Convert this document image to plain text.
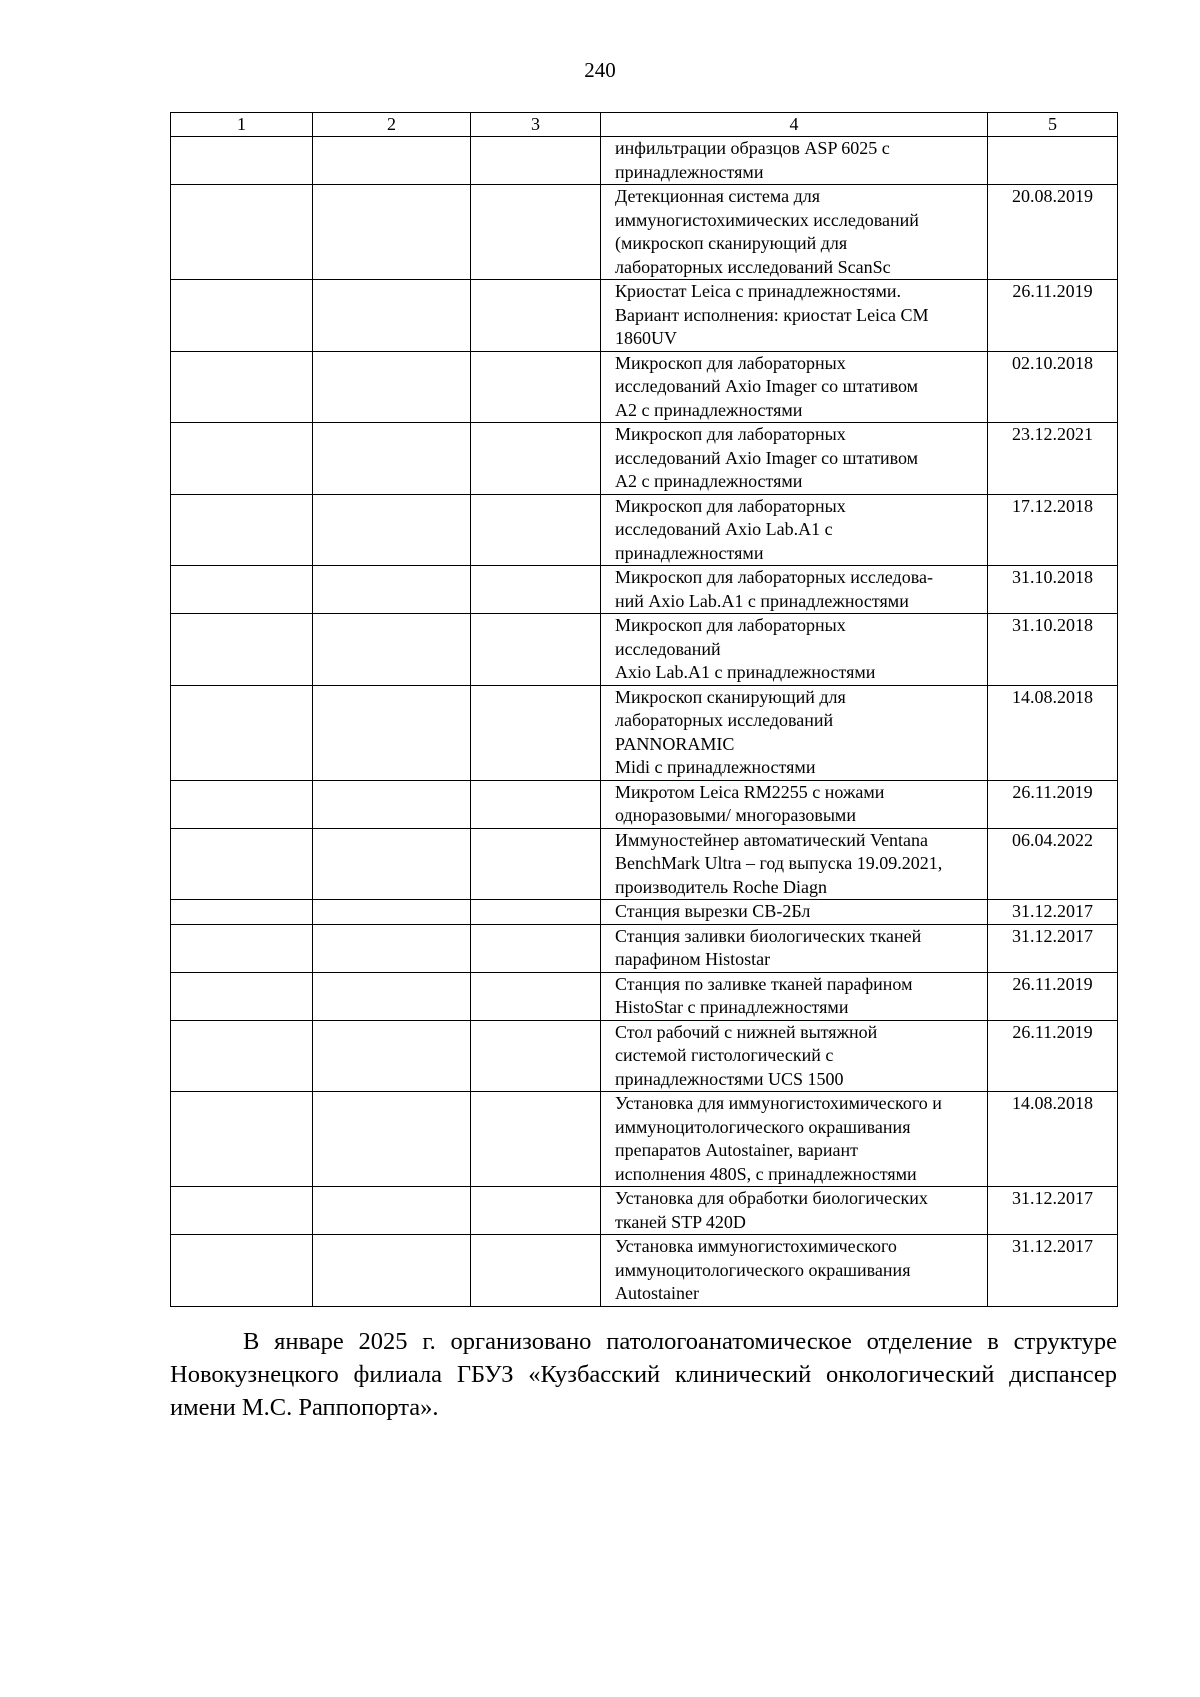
240
1	2	3	4	5
			инфильтрации образцов ASP 6025 с
принадлежностями	
			Детекционная система для
иммуногистохимических исследований
(микроскоп сканирующий для
лабораторных исследований ScanSc	20.08.2019
			Криостат Leica с принадлежностями.
Вариант исполнения: криостат Leica CM
1860UV	26.11.2019
			Микроскоп для лабораторных
исследований Axio Imager со штативом
A2 с принадлежностями	02.10.2018
			Микроскоп для лабораторных
исследований Axio Imager со штативом
A2 с принадлежностями	23.12.2021
			Микроскоп для лабораторных
исследований Axio Lab.A1 с
принадлежностями	17.12.2018
			Микроскоп для лабораторных исследова-
ний Axio Lab.A1 с принадлежностями	31.10.2018
			Микроскоп для лабораторных
исследований
Axio Lab.A1 с принадлежностями	31.10.2018
			Микроскоп сканирующий для
лабораторных исследований
PANNORAMIC
Midi с принадлежностями	14.08.2018
			Микротом Leica RM2255 с ножами
одноразовыми/ многоразовыми	26.11.2019
			Иммуностейнер автоматический Ventana
BenchMark Ultra – год выпуска 19.09.2021,
производитель Roche Diagn	06.04.2022
			Станция вырезки СВ-2Бл	31.12.2017
			Станция заливки биологических тканей
парафином Histostar	31.12.2017
			Станция по заливке тканей парафином
HistoStar с принадлежностями	26.11.2019
			Стол рабочий с нижней вытяжной
системой гистологический с
принадлежностями UCS 1500	26.11.2019
			Установка для иммуногистохимического и
иммуноцитологического окрашивания
препаратов Autostainer, вариант
исполнения 480S, с принадлежностями	14.08.2018
			Установка для обработки биологических
тканей STP 420D	31.12.2017
			Установка иммуногистохимического
иммуноцитологического окрашивания
Autostainer	31.12.2017

В январе 2025 г. организовано патологоанатомическое отделение в структуре Новокузнецкого филиала ГБУЗ «Кузбасский клинический онкологический диспансер имени М.С. Раппопорта».
